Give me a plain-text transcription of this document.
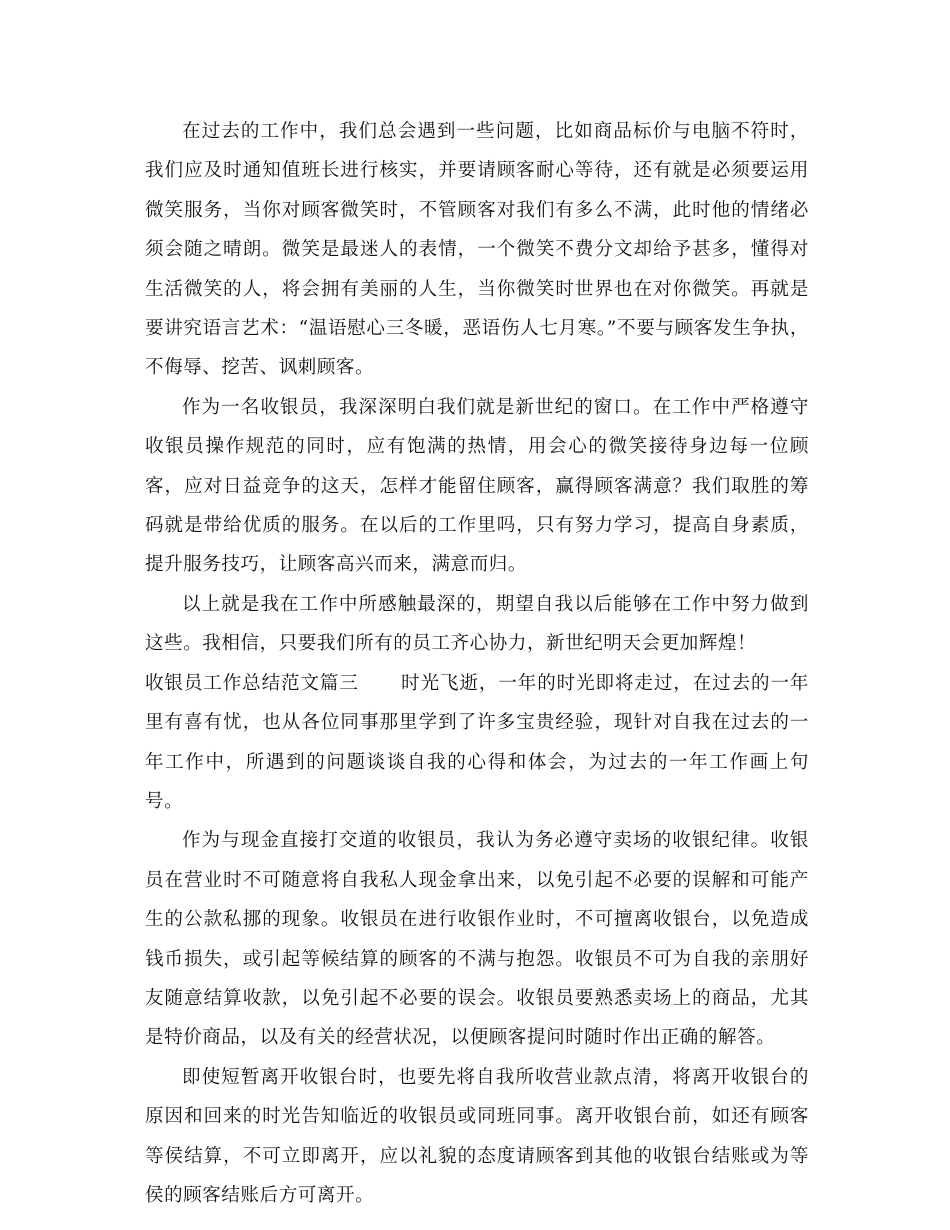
在过去的工作中，我们总会遇到一些问题，比如商品标价与电脑不符时，我们应及时通知值班长进行核实，并要请顾客耐心等待，还有就是必须要运用微笑服务，当你对顾客微笑时，不管顾客对我们有多么不满，此时他的情绪必须会随之晴朗。微笑是最迷人的表情，一个微笑不费分文却给予甚多，懂得对生活微笑的人，将会拥有美丽的人生，当你微笑时世界也在对你微笑。再就是要讲究语言艺术：“温语慰心三冬暖，恶语伤人七月寒。”不要与顾客发生争执，不侮辱、挖苦、讽刺顾客。

作为一名收银员，我深深明白我们就是新世纪的窗口。在工作中严格遵守收银员操作规范的同时，应有饱满的热情，用会心的微笑接待身边每一位顾客，应对日益竞争的这天，怎样才能留住顾客，赢得顾客满意？我们取胜的筹码就是带给优质的服务。在以后的工作里吗，只有努力学习，提高自身素质，提升服务技巧，让顾客高兴而来，满意而归。

以上就是我在工作中所感触最深的，期望自我以后能够在工作中努力做到这些。我相信，只要我们所有的员工齐心协力，新世纪明天会更加辉煌！

收银员工作总结范文篇三 时光飞逝，一年的时光即将走过，在过去的一年里有喜有忧，也从各位同事那里学到了许多宝贵经验，现针对自我在过去的一年工作中，所遇到的问题谈谈自我的心得和体会，为过去的一年工作画上句号。

作为与现金直接打交道的收银员，我认为务必遵守卖场的收银纪律。收银员在营业时不可随意将自我私人现金拿出来，以免引起不必要的误解和可能产生的公款私挪的现象。收银员在进行收银作业时，不可擅离收银台，以免造成钱币损失，或引起等候结算的顾客的不满与抱怨。收银员不可为自我的亲朋好友随意结算收款，以免引起不必要的误会。收银员要熟悉卖场上的商品，尤其是特价商品，以及有关的经营状况，以便顾客提问时随时作出正确的解答。

即使短暂离开收银台时，也要先将自我所收营业款点清，将离开收银台的原因和回来的时光告知临近的收银员或同班同事。离开收银台前，如还有顾客等侯结算，不可立即离开，应以礼貌的态度请顾客到其他的收银台结账或为等侯的顾客结账后方可离开。
